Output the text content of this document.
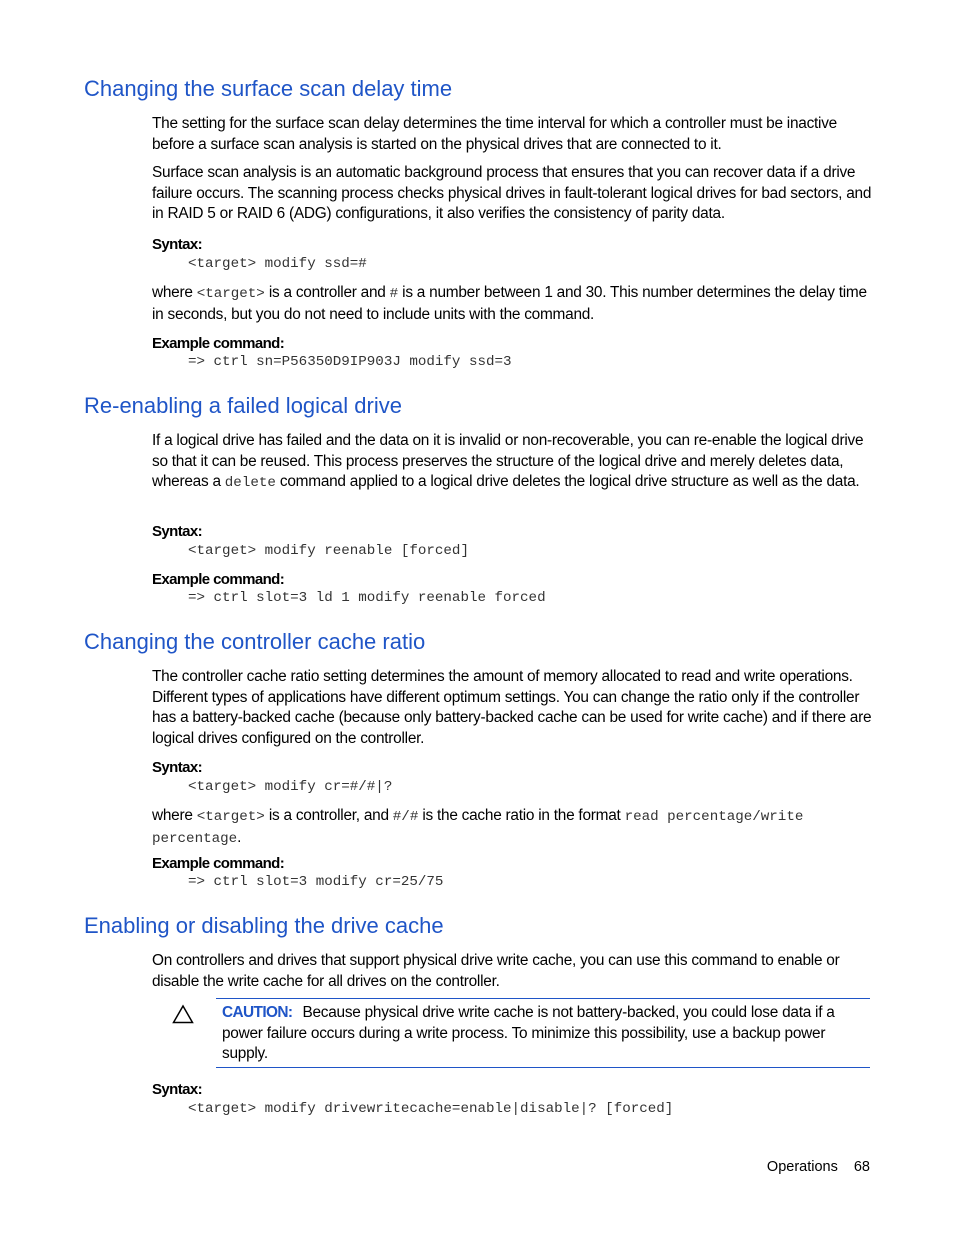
Changing the surface scan delay time

The setting for the surface scan delay determines the time interval for which a controller must be inactive before a surface scan analysis is started on the physical drives that are connected to it.

Surface scan analysis is an automatic background process that ensures that you can recover data if a drive failure occurs. The scanning process checks physical drives in fault-tolerant logical drives for bad sectors, and in RAID 5 or RAID 6 (ADG) configurations, it also verifies the consistency of parity data.

Syntax:

<target> modify ssd=#

where <target> is a controller and # is a number between 1 and 30. This number determines the delay time in seconds, but you do not need to include units with the command.

Example command:

=> ctrl sn=P56350D9IP903J modify ssd=3

Re-enabling a failed logical drive

If a logical drive has failed and the data on it is invalid or non-recoverable, you can re-enable the logical drive so that it can be reused. This process preserves the structure of the logical drive and merely deletes data, whereas a delete command applied to a logical drive deletes the logical drive structure as well as the data.

Syntax:

<target> modify reenable [forced]

Example command:

=> ctrl slot=3 ld 1 modify reenable forced

Changing the controller cache ratio

The controller cache ratio setting determines the amount of memory allocated to read and write operations. Different types of applications have different optimum settings. You can change the ratio only if the controller has a battery-backed cache (because only battery-backed cache can be used for write cache) and if there are logical drives configured on the controller.

Syntax:

<target> modify cr=#/#|?

where <target> is a controller, and #/# is the cache ratio in the format read percentage/write percentage.

Example command:

=> ctrl slot=3 modify cr=25/75

Enabling or disabling the drive cache

On controllers and drives that support physical drive write cache, you can use this command to enable or disable the write cache for all drives on the controller.

CAUTION: Because physical drive write cache is not battery-backed, you could lose data if a power failure occurs during a write process. To minimize this possibility, use a backup power supply.

Syntax:

<target> modify drivewritecache=enable|disable|? [forced]

Operations 68
